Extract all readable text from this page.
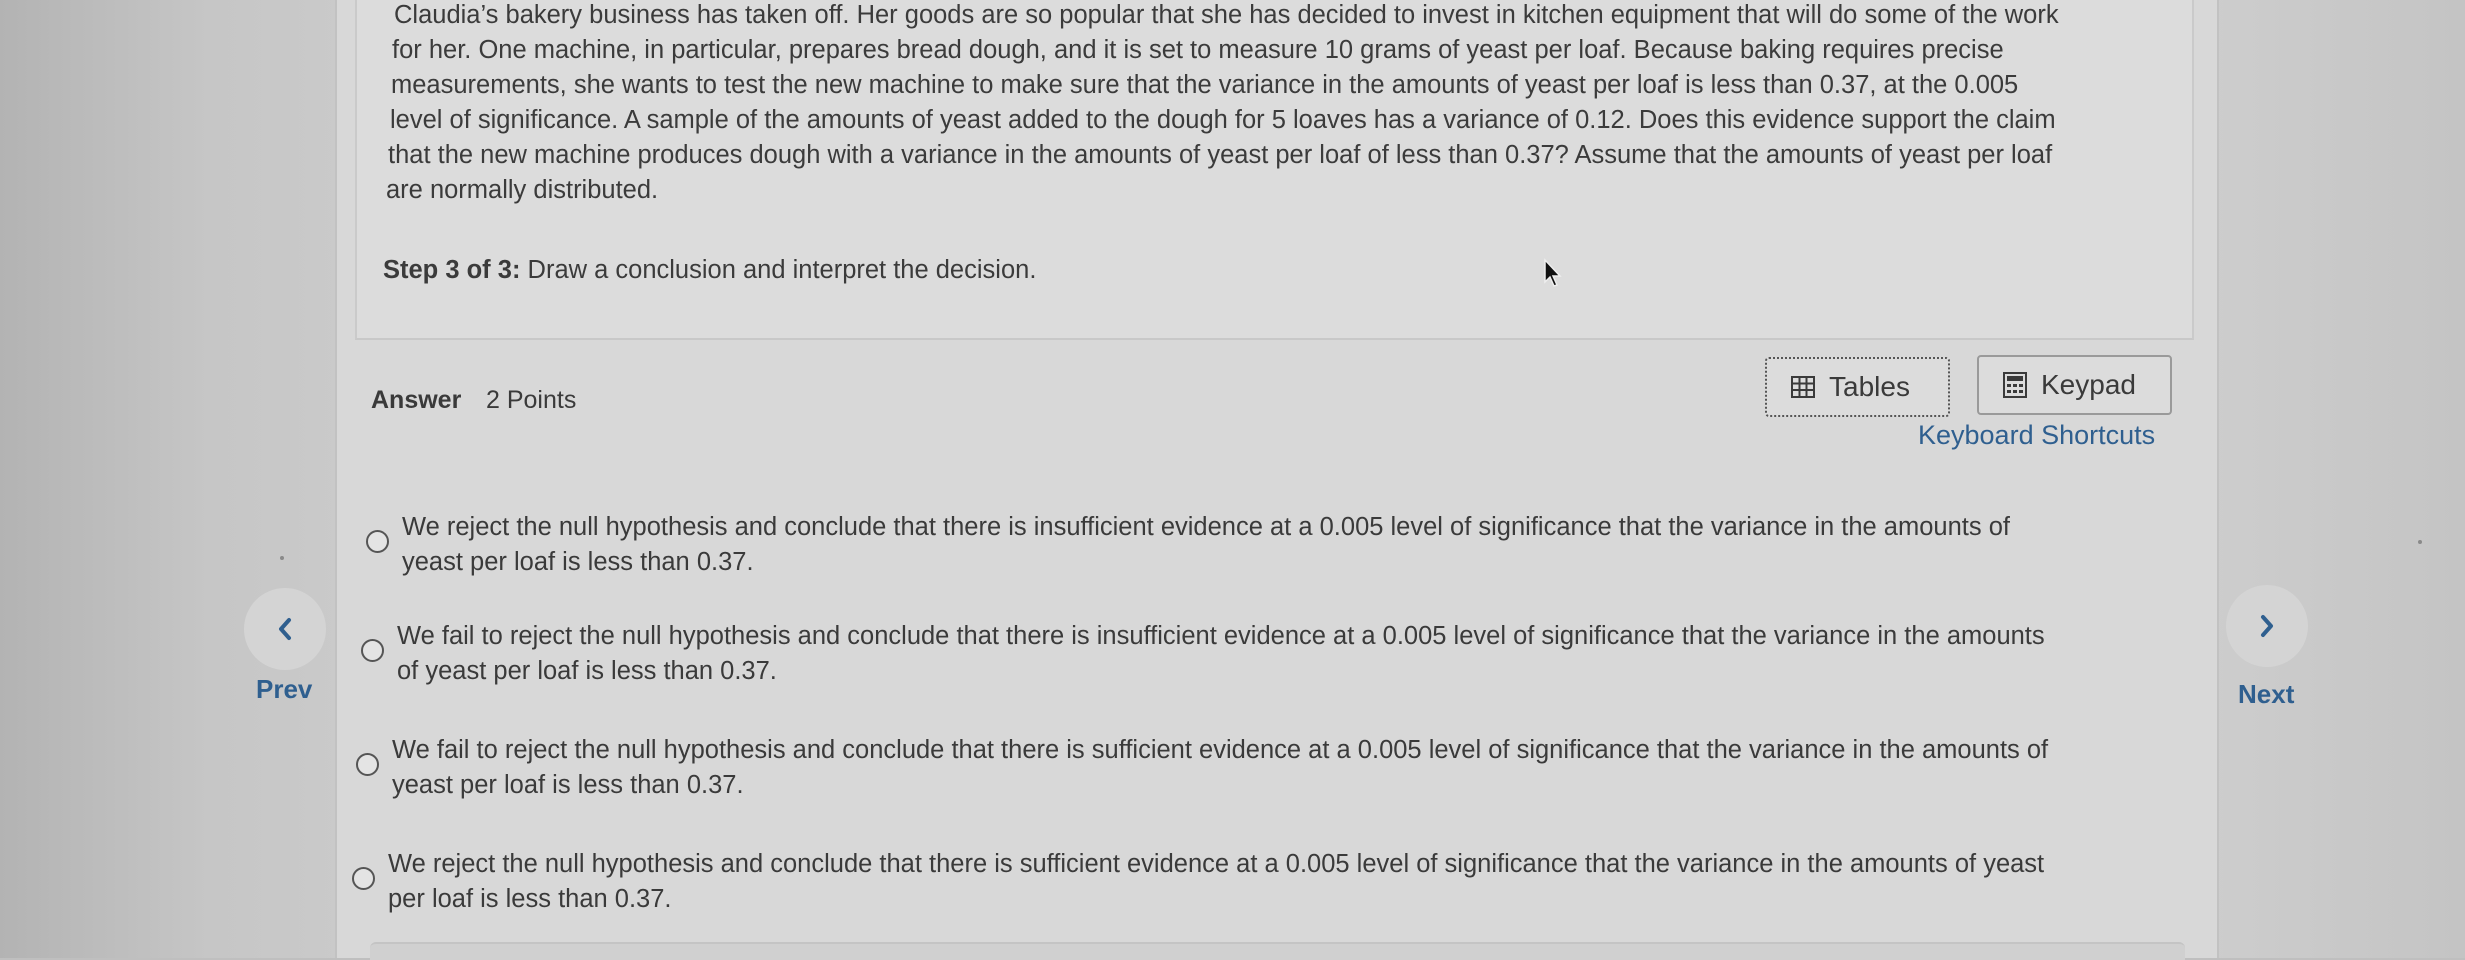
Claudia’s bakery business has taken off. Her goods are so popular that she has decided to invest in kitchen equipment that will do some of the work
for her. One machine, in particular, prepares bread dough, and it is set to measure 10 grams of yeast per loaf. Because baking requires precise
measurements, she wants to test the new machine to make sure that the variance in the amounts of yeast per loaf is less than 0.37, at the 0.005
level of significance. A sample of the amounts of yeast added to the dough for 5 loaves has a variance of 0.12. Does this evidence support the claim
that the new machine produces dough with a variance in the amounts of yeast per loaf of less than 0.37? Assume that the amounts of yeast per loaf
are normally distributed.
Step 3 of 3: Draw a conclusion and interpret the decision.
Answer 2 Points	Tables	Keypad
Keyboard Shortcuts
We reject the null hypothesis and conclude that there is insufficient evidence at a 0.005 level of significance that the variance in the amounts of
yeast per loaf is less than 0.37.
We fail to reject the null hypothesis and conclude that there is insufficient evidence at a 0.005 level of significance that the variance in the amounts
of yeast per loaf is less than 0.37.
We fail to reject the null hypothesis and conclude that there is sufficient evidence at a 0.005 level of significance that the variance in the amounts of
yeast per loaf is less than 0.37.
We reject the null hypothesis and conclude that there is sufficient evidence at a 0.005 level of significance that the variance in the amounts of yeast
per loaf is less than 0.37.
Prev	Next
